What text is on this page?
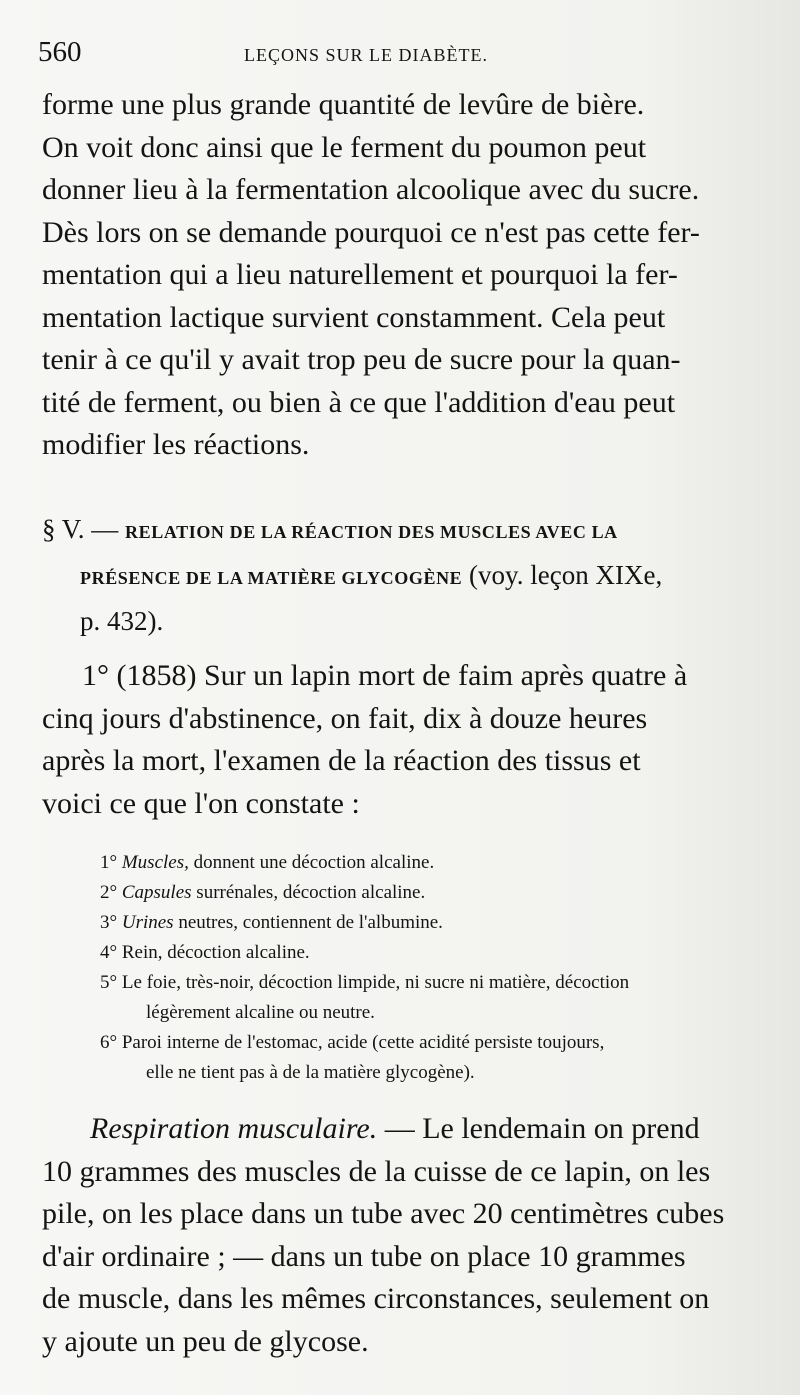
560	LEÇONS SUR LE DIABÈTE.
forme une plus grande quantité de levûre de bière.
On voit donc ainsi que le ferment du poumon peut
donner lieu à la fermentation alcoolique avec du sucre.
Dès lors on se demande pourquoi ce n'est pas cette fer-
mentation qui a lieu naturellement et pourquoi la fer-
mentation lactique survient constamment. Cela peut
tenir à ce qu'il y avait trop peu de sucre pour la quan-
tité de ferment, ou bien à ce que l'addition d'eau peut
modifier les réactions.
§ V. — RELATION DE LA RÉACTION DES MUSCLES AVEC LA
PRÉSENCE DE LA MATIÈRE GLYCOGÈNE (voy. leçon XIXe,
p. 432).
1° (1858) Sur un lapin mort de faim après quatre à
cinq jours d'abstinence, on fait, dix à douze heures
après la mort, l'examen de la réaction des tissus et
voici ce que l'on constate :
1° Muscles, donnent une décoction alcaline.
2° Capsules surrénales, décoction alcaline.
3° Urines neutres, contiennent de l'albumine.
4° Rein, décoction alcaline.
5° Le foie, très-noir, décoction limpide, ni sucre ni matière, décoction
légèrement alcaline ou neutre.
6° Paroi interne de l'estomac, acide (cette acidité persiste toujours,
elle ne tient pas à de la matière glycogène).
Respiration musculaire. — Le lendemain on prend
10 grammes des muscles de la cuisse de ce lapin, on les
pile, on les place dans un tube avec 20 centimètres cubes
d'air ordinaire ; — dans un tube on place 10 grammes
de muscle, dans les mêmes circonstances, seulement on
y ajoute un peu de glycose.
